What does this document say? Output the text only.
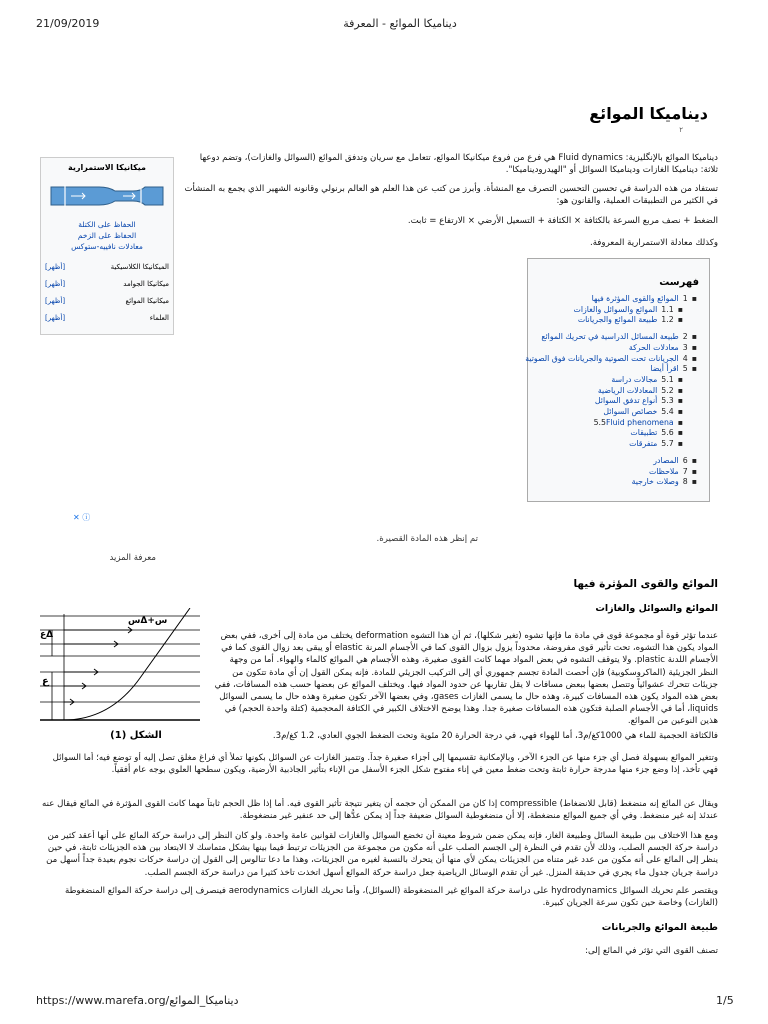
21/09/2019	ديناميكا الموائع - المعرفة
ديناميكا الموائع
٢
ميكانيكا الاستمرارية
الحفاظ على الكتلة
الحفاظ على الزخم
معادلات نافييه-ستوكس
الميكانيكا الكلاسيكية
[أظهر]
ميكانيكا الجوامد
[أظهر]
ميكانيكا الموائع
[أظهر]
العلماء
[أظهر]
ديناميكا الموائع بالإنگليزية: Fluid dynamics هي فرع من فروع ميكانيكا الموائع، تتعامل مع سريان وتدفق الموائع (السوائل والغازات)، وتضم دوعها ثلاثة: ديناميكا الغازات وديناميكا السوائل أو "الهيدروديناميكا".
تستفاد من هذه الدراسة في تحسين التحسين التصرف مع المنشأة. وأبرز من كتب عن هذا العلم هو العالم برنولي وقانونه الشهير الذي يجمع به المنشأت في الكثير من التطبيقات العملية، والقانون هو:
الضغط + نصف مربع السرعة بالكثافة × الكثافة + التسعيل الأرضي × الارتفاع = ثابت.
وكذلك معادلة الاستمرارية المعروفة.
فهرست
▪1الموائع والقوى المؤثرة فيها
▪1.1الموائع والسوائل والغازات
▪1.2طبيعة الموائع والجريانات
▪2طبيعة المسائل الدراسية في تحريك الموائع
▪3معادلات الحركة
▪4الجريانات تحت الصوتية والجريانات فوق الصوتية
▪5اقرأ أيضا
▪5.1مجالات دراسة
▪5.2المعادلات الرياضية
▪5.3أنواع تدفق السوائل
▪5.4خصائص السوائل
▪5.5Fluid phenomena
▪5.6تطبيقات
▪5.7متفرقات
▪6المصادر
▪7ملاحظات
▪8وصلات خارجية
✕ ⓘ
تم إنظر هذه المادة القصيرة.
معرفة المزيد
الموائع والقوى المؤثرة فيها
الموائع والسوائل والغازات
س+Δس
Δع
ع
الشكل (1)
عندما تؤثر قوة أو مجموعة قوى في مادة ما فإنها تشوه (تغير شكلها)، ثم أن هذا التشوه deformation يختلف من مادة إلى أخرى، ففي بعض المواد يكون هذا التشوه، تحت تأثير قوى مفروضة، محدوداً يزول بزوال القوى كما في الأجسام المرنة elastic أو يبقى بعد زوال القوى كما في الأجسام اللدنة plastic. ولا يتوقف التشوه في بعض المواد مهما كانت القوى صغيرة، وهذه الأجسام هي الموائع كالماء والهواء. أما من وجهة النظر الجزيئية (الماكروسكوبية) فإن أحصت المادة تجسم جمهوري أي إلى التركيب الجزيئي للمادة. فإنه يمكن القول إن أي مادة تتكون من جزيئات تتحرك عشوائياً وتتصل بعضها ببعض مسافات لا يقل تقاربها عن حدود المواد فيها. ويختلف الموائع عن بعضها حسب هذه المسافات، ففي بعض هذه المواد يكون هذه المسافات كبيرة، وهذه حال ما يسمى الغازات gases، وفي بعضها الآخر تكون صغيرة وهذه حال ما يسمى السوائل liquids، أما في الأجسام الصلبة فتكون هذه المسافات صغيرة جدا. وهذا يوضح الاختلاف الكبير في الكثافة المحجمية (كتلة واحدة الحجم) في هذين النوعين من الموائع.
فالكثافة الحجمية للماء هي 1000كغ/م3، أما للهواء فهي، في درجة الحرارة 20 مئوية وتحت الضغط الجوي العادي، 1.2 كغ/م3.
وتتغير الموائع بسهولة فصل أي جزء منها عن الجزء الآخر، وبالإمكانية تقسيمها إلى أجزاء صغيرة جداً. وتتميز الغازات عن السوائل بكونها تملأ أي فراغ مغلق تصل إليه أو توضع فيه؛ أما السوائل فهي تأخذ، إذا وضع جزء منها مدرجة حرارة ثابتة وتحت ضغط معين في إناء مفتوح شكل الجزء الأسفل من الإناء بتأثير الجاذبية الأرضية، ويكون سطحها العلوي بوجه عام أفقياً.
ويقال عن المائع إنه منضغط (قابل للانضغاط) compressible إذا كان من الممكن أن حجمه أن يتغير نتيجة تأثير القوى فيه. أما إذا ظل الحجم ثابتاً مهما كانت القوى المؤثرة في المائع فيقال عنه عندئذ إنه غير منضغط. وفي أي جميع الموائع منضغطة، إلا أن منضغوطية السوائل ضعيفة جداً إذ يمكن عدُّها إلى حد عنفير غير منضغوطة.
ومع هذا الاختلاف بين طبيعة السائل وطبيعة الغاز، فإنه يمكن ضمن شروط معينة أن تخضع السوائل والغازات لقوانين عامة واحدة. ولو كان النظر إلى دراسة حركة المائع على أنها أعقد كثير من دراسة حركة الجسم الصلب، وذلك لأن تقدم في النظرة إلى الجسم الصلب على أنه مكون من مجموعة من الجزيئات ترتبط فيما بينها بشكل متماسك لا الابتعاد بين هذه الجزيئات ثابتة، في حين ينظر إلى المائع على أنه مكون من عدد غير متناه من الجزيئات يمكن لأي منها أن يتحرك بالنسبة لغيره من الجزيئات، وهذا ما دعا تنالوس إلى القول إن دراسة حركات نجوم بعيدة جداً أسهل من دراسة جريان جدول ماء يجري في حديقة المنزل. غير أن تقدم الوسائل الرياضية جعل دراسة حركة الموائع أسهل اتخذت تاخذ كثيرا من دراسة حركة الجسم الصلب.
ويقتصر علم تحريك السوائل hydrodynamics على دراسة حركة الموائع غير المنضغوطة (السوائل)، وأما تحريك الغازات aerodynamics فينصرف إلى دراسة حركة الموائع المنضغوطة (الغازات) وخاصة حين تكون سرعة الجريان كبيرة.
طبيعة الموائع والجريانات
تصنف القوى التي تؤثر في المائع إلى:
https://www.marefa.org/ديناميكا_الموائع	1/5
